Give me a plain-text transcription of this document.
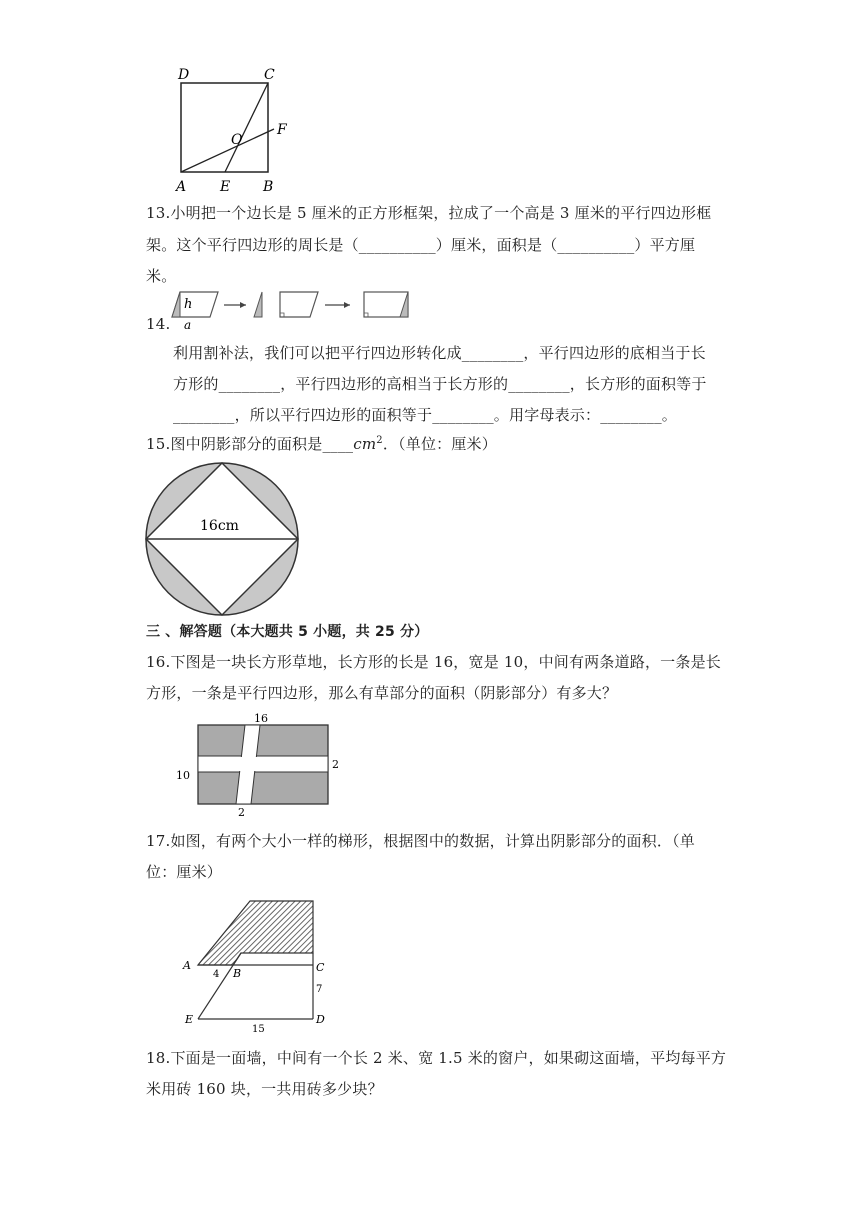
D	C
O
F
A E B
13.小明把一个边长是 5 厘米的正方形框架，拉成了一个高是 3 厘米的平行四边形框
架。这个平行四边形的周长是（__________）厘米，面积是（__________）平方厘
米。
h
a
14.
利用割补法，我们可以把平行四边形转化成________，平行四边形的底相当于长
方形的________，平行四边形的高相当于长方形的________，长方形的面积等于
________，所以平行四边形的面积等于________。用字母表示：________。
15.图中阴影部分的面积是$\_\_\_\_cm^2$．（单位：厘米）
16cm
三 、解答题（本大题共 5 小题，共 25 分）
16.下图是一块长方形草地，长方形的长是 16，宽是 10，中间有两条道路，一条是长
方形，一条是平行四边形，那么有草部分的面积（阴影部分）有多大？
16
10
2
2
17.如图，有两个大小一样的梯形，根据图中的数据，计算出阴影部分的面积．（单
位：厘米）
A
4 B	C
7
E	D
15
18.下面是一面墙，中间有一个长 2 米、宽 1.5 米的窗户，如果砌这面墙，平均每平方
米用砖 160 块，一共用砖多少块？
